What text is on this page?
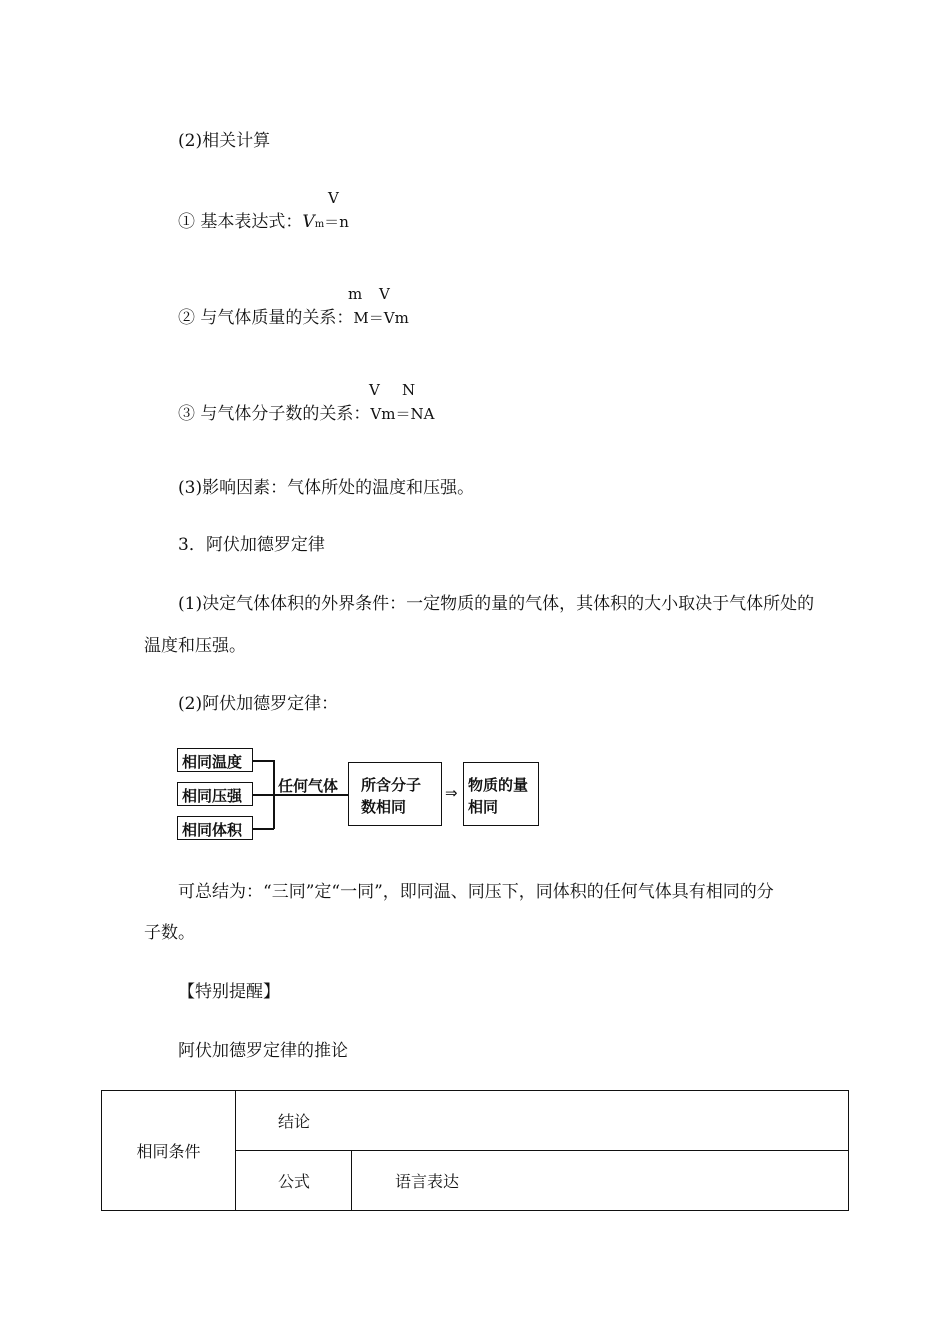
(2)相关计算
V
① 基本表达式：Vm＝n
m V
② 与气体质量的关系：M＝Vm
V N
③ 与气体分子数的关系：Vm＝NA
(3)影响因素：气体所处的温度和压强。
3．阿伏加德罗定律
(1)决定气体体积的外界条件：一定物质的量的气体，其体积的大小取决于气体所处的
温度和压强。
(2)阿伏加德罗定律：
相同温度
相同压强
相同体积
任何气体 所含分子
数相同
⇒ 物质的量
相同
可总结为：“三同”定“一同”，即同温、同压下，同体积的任何气体具有相同的分
子数。
【特别提醒】
阿伏加德罗定律的推论
相同条件	结论	
	公式	语言表达
